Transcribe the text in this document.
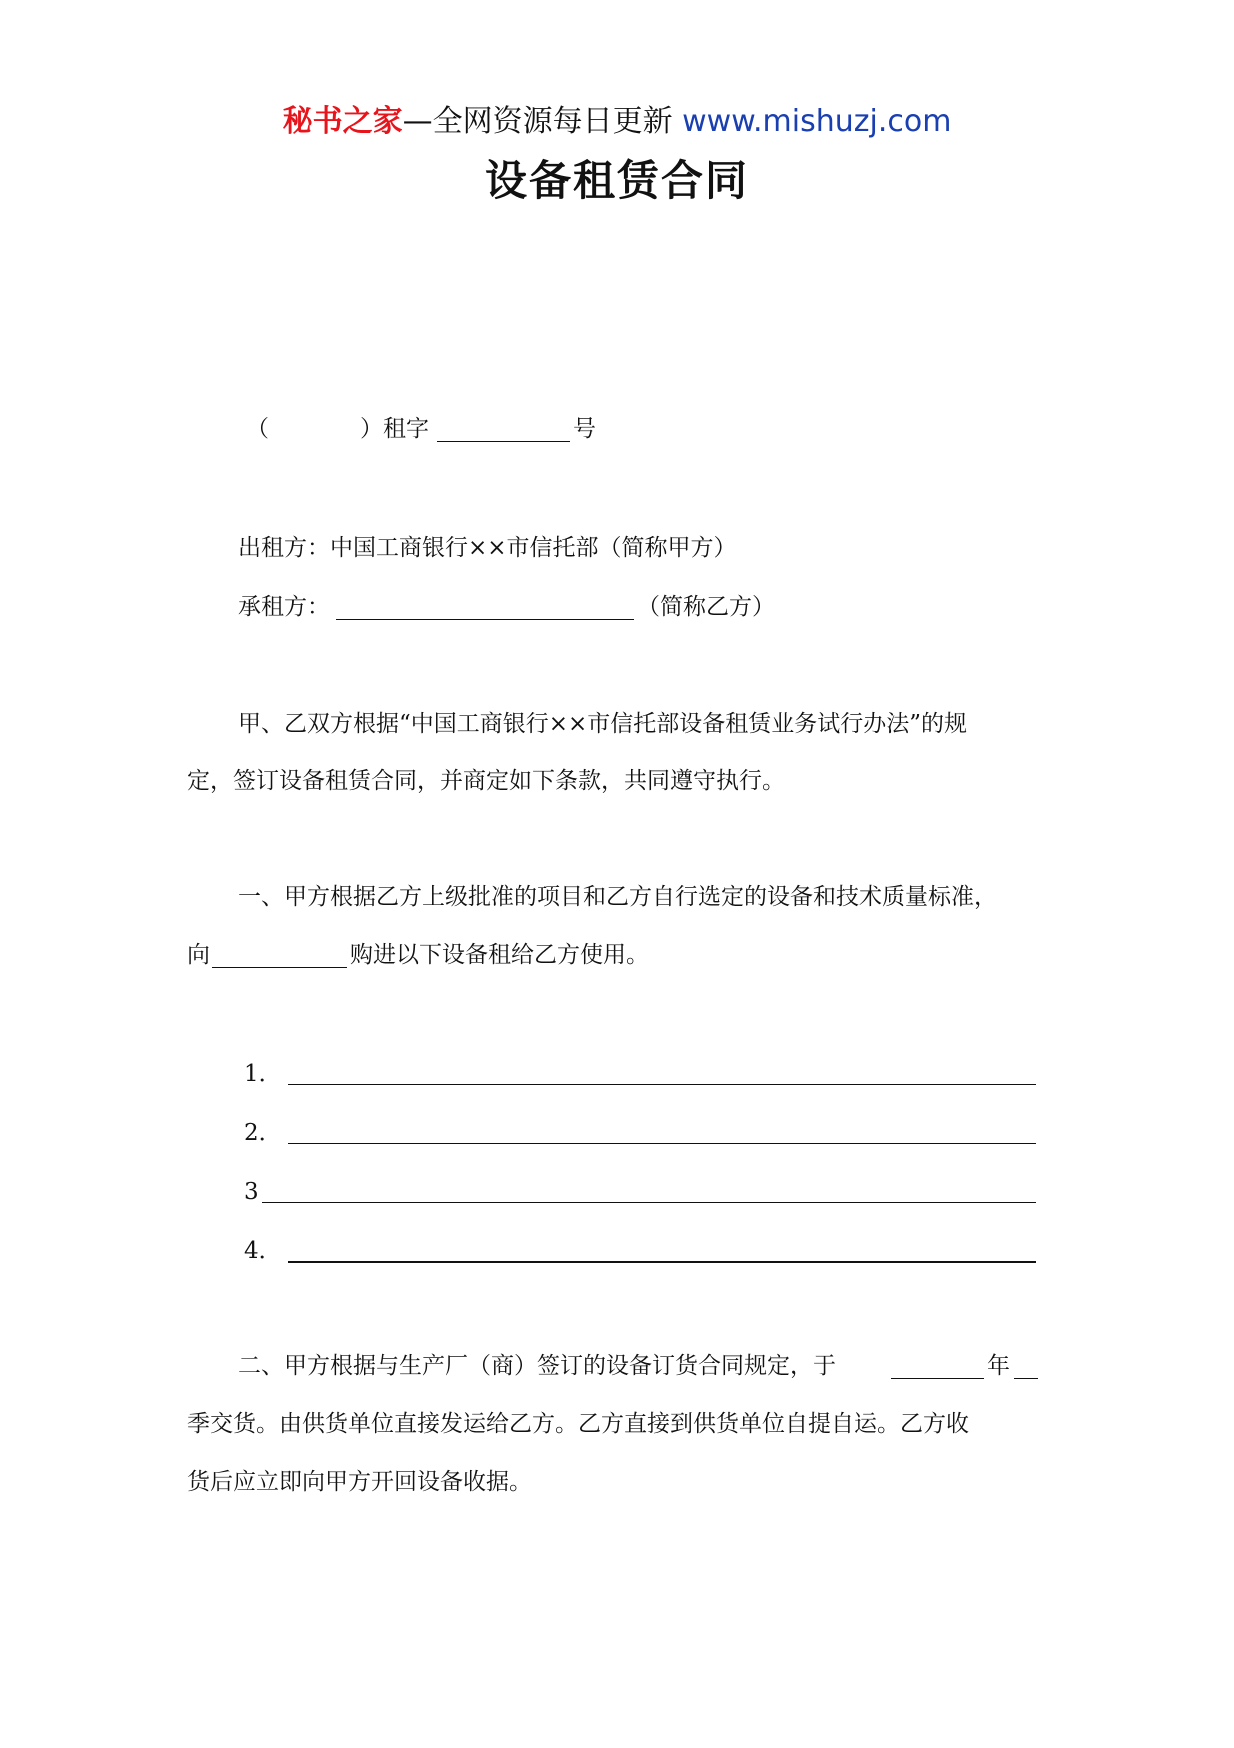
秘书之家—全网资源每日更新 www.mishuzj.com
设备租赁合同
（	）租字	号
出租方：中国工商银行××市信托部（简称甲方）
承租方：	（简称乙方）
甲、乙双方根据“中国工商银行××市信托部设备租赁业务试行办法”的规
定，签订设备租赁合同，并商定如下条款，共同遵守执行。
一、甲方根据乙方上级批准的项目和乙方自行选定的设备和技术质量标准，
向	购进以下设备租给乙方使用。
1．
2．
3
4．
二、甲方根据与生产厂（商）签订的设备订货合同规定，于	年
季交货。由供货单位直接发运给乙方。乙方直接到供货单位自提自运。乙方收
货后应立即向甲方开回设备收据。
